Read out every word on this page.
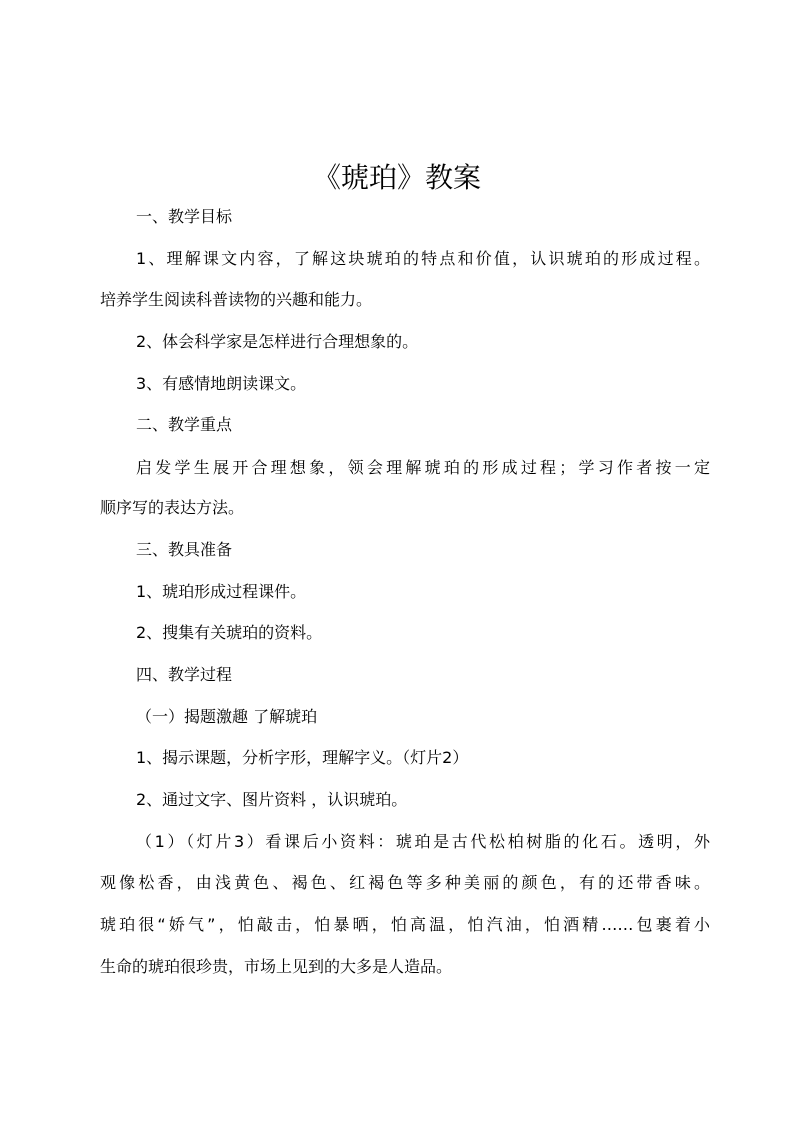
《琥珀》教案
一、教学目标
1、理解课文内容，了解这块琥珀的特点和价值，认识琥珀的形成过程。
培养学生阅读科普读物的兴趣和能力。
2、体会科学家是怎样进行合理想象的。
3、有感情地朗读课文。
二、教学重点
启发学生展开合理想象，领会理解琥珀的形成过程；学习作者按一定
顺序写的表达方法。
三、教具准备
1、琥珀形成过程课件。
2、搜集有关琥珀的资料。
四、教学过程
（一）揭题激趣 了解琥珀
1、揭示课题，分析字形，理解字义。（灯片2）
2、通过文字、图片资料 ，认识琥珀。
（1）（灯片3）看课后小资料：琥珀是古代松柏树脂的化石。透明，外
观像松香，由浅黄色、褐色、红褐色等多种美丽的颜色，有的还带香味。
琥珀很“娇气”，怕敲击，怕暴晒，怕高温，怕汽油，怕酒精……包裹着小
生命的琥珀很珍贵，市场上见到的大多是人造品。
